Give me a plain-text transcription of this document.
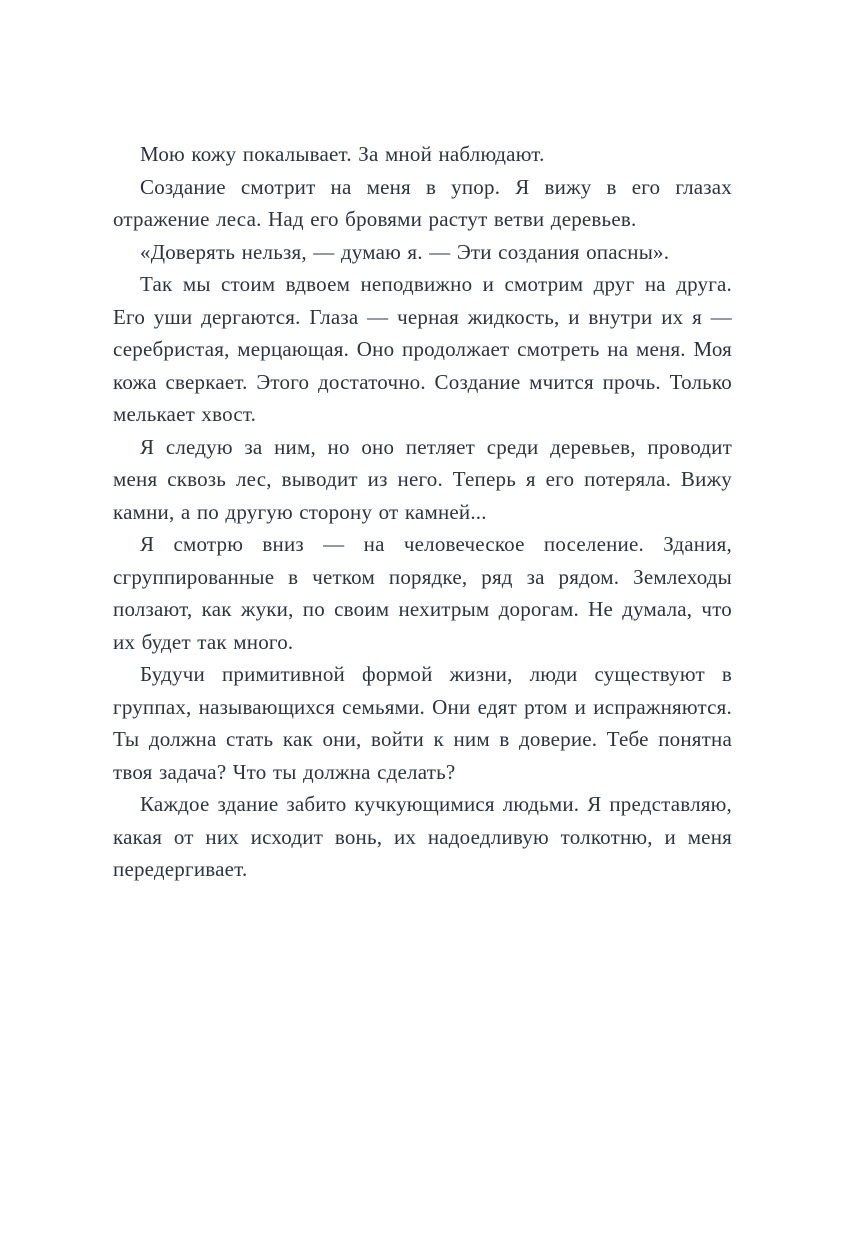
Мою кожу покалывает. За мной наблюдают.

Создание смотрит на меня в упор. Я вижу в его глазах отражение леса. Над его бровями растут ветви деревьев.

«Доверять нельзя, — думаю я. — Эти создания опасны».

Так мы стоим вдвоем неподвижно и смотрим друг на друга. Его уши дергаются. Глаза — черная жидкость, и внутри их я — серебристая, мерцающая. Оно продолжает смотреть на меня. Моя кожа сверкает. Этого достаточно. Создание мчится прочь. Только мелькает хвост.

Я следую за ним, но оно петляет среди деревьев, проводит меня сквозь лес, выводит из него. Теперь я его потеряла. Вижу камни, а по другую сторону от камней...

Я смотрю вниз — на человеческое поселение. Здания, сгруппированные в четком порядке, ряд за рядом. Землеходы ползают, как жуки, по своим нехитрым дорогам. Не думала, что их будет так много.

Будучи примитивной формой жизни, люди существуют в группах, называющихся семьями. Они едят ртом и испражняются. Ты должна стать как они, войти к ним в доверие. Тебе понятна твоя задача? Что ты должна сделать?

Каждое здание забито кучкующимися людьми. Я представляю, какая от них исходит вонь, их надоедливую толкотню, и меня передергивает.
